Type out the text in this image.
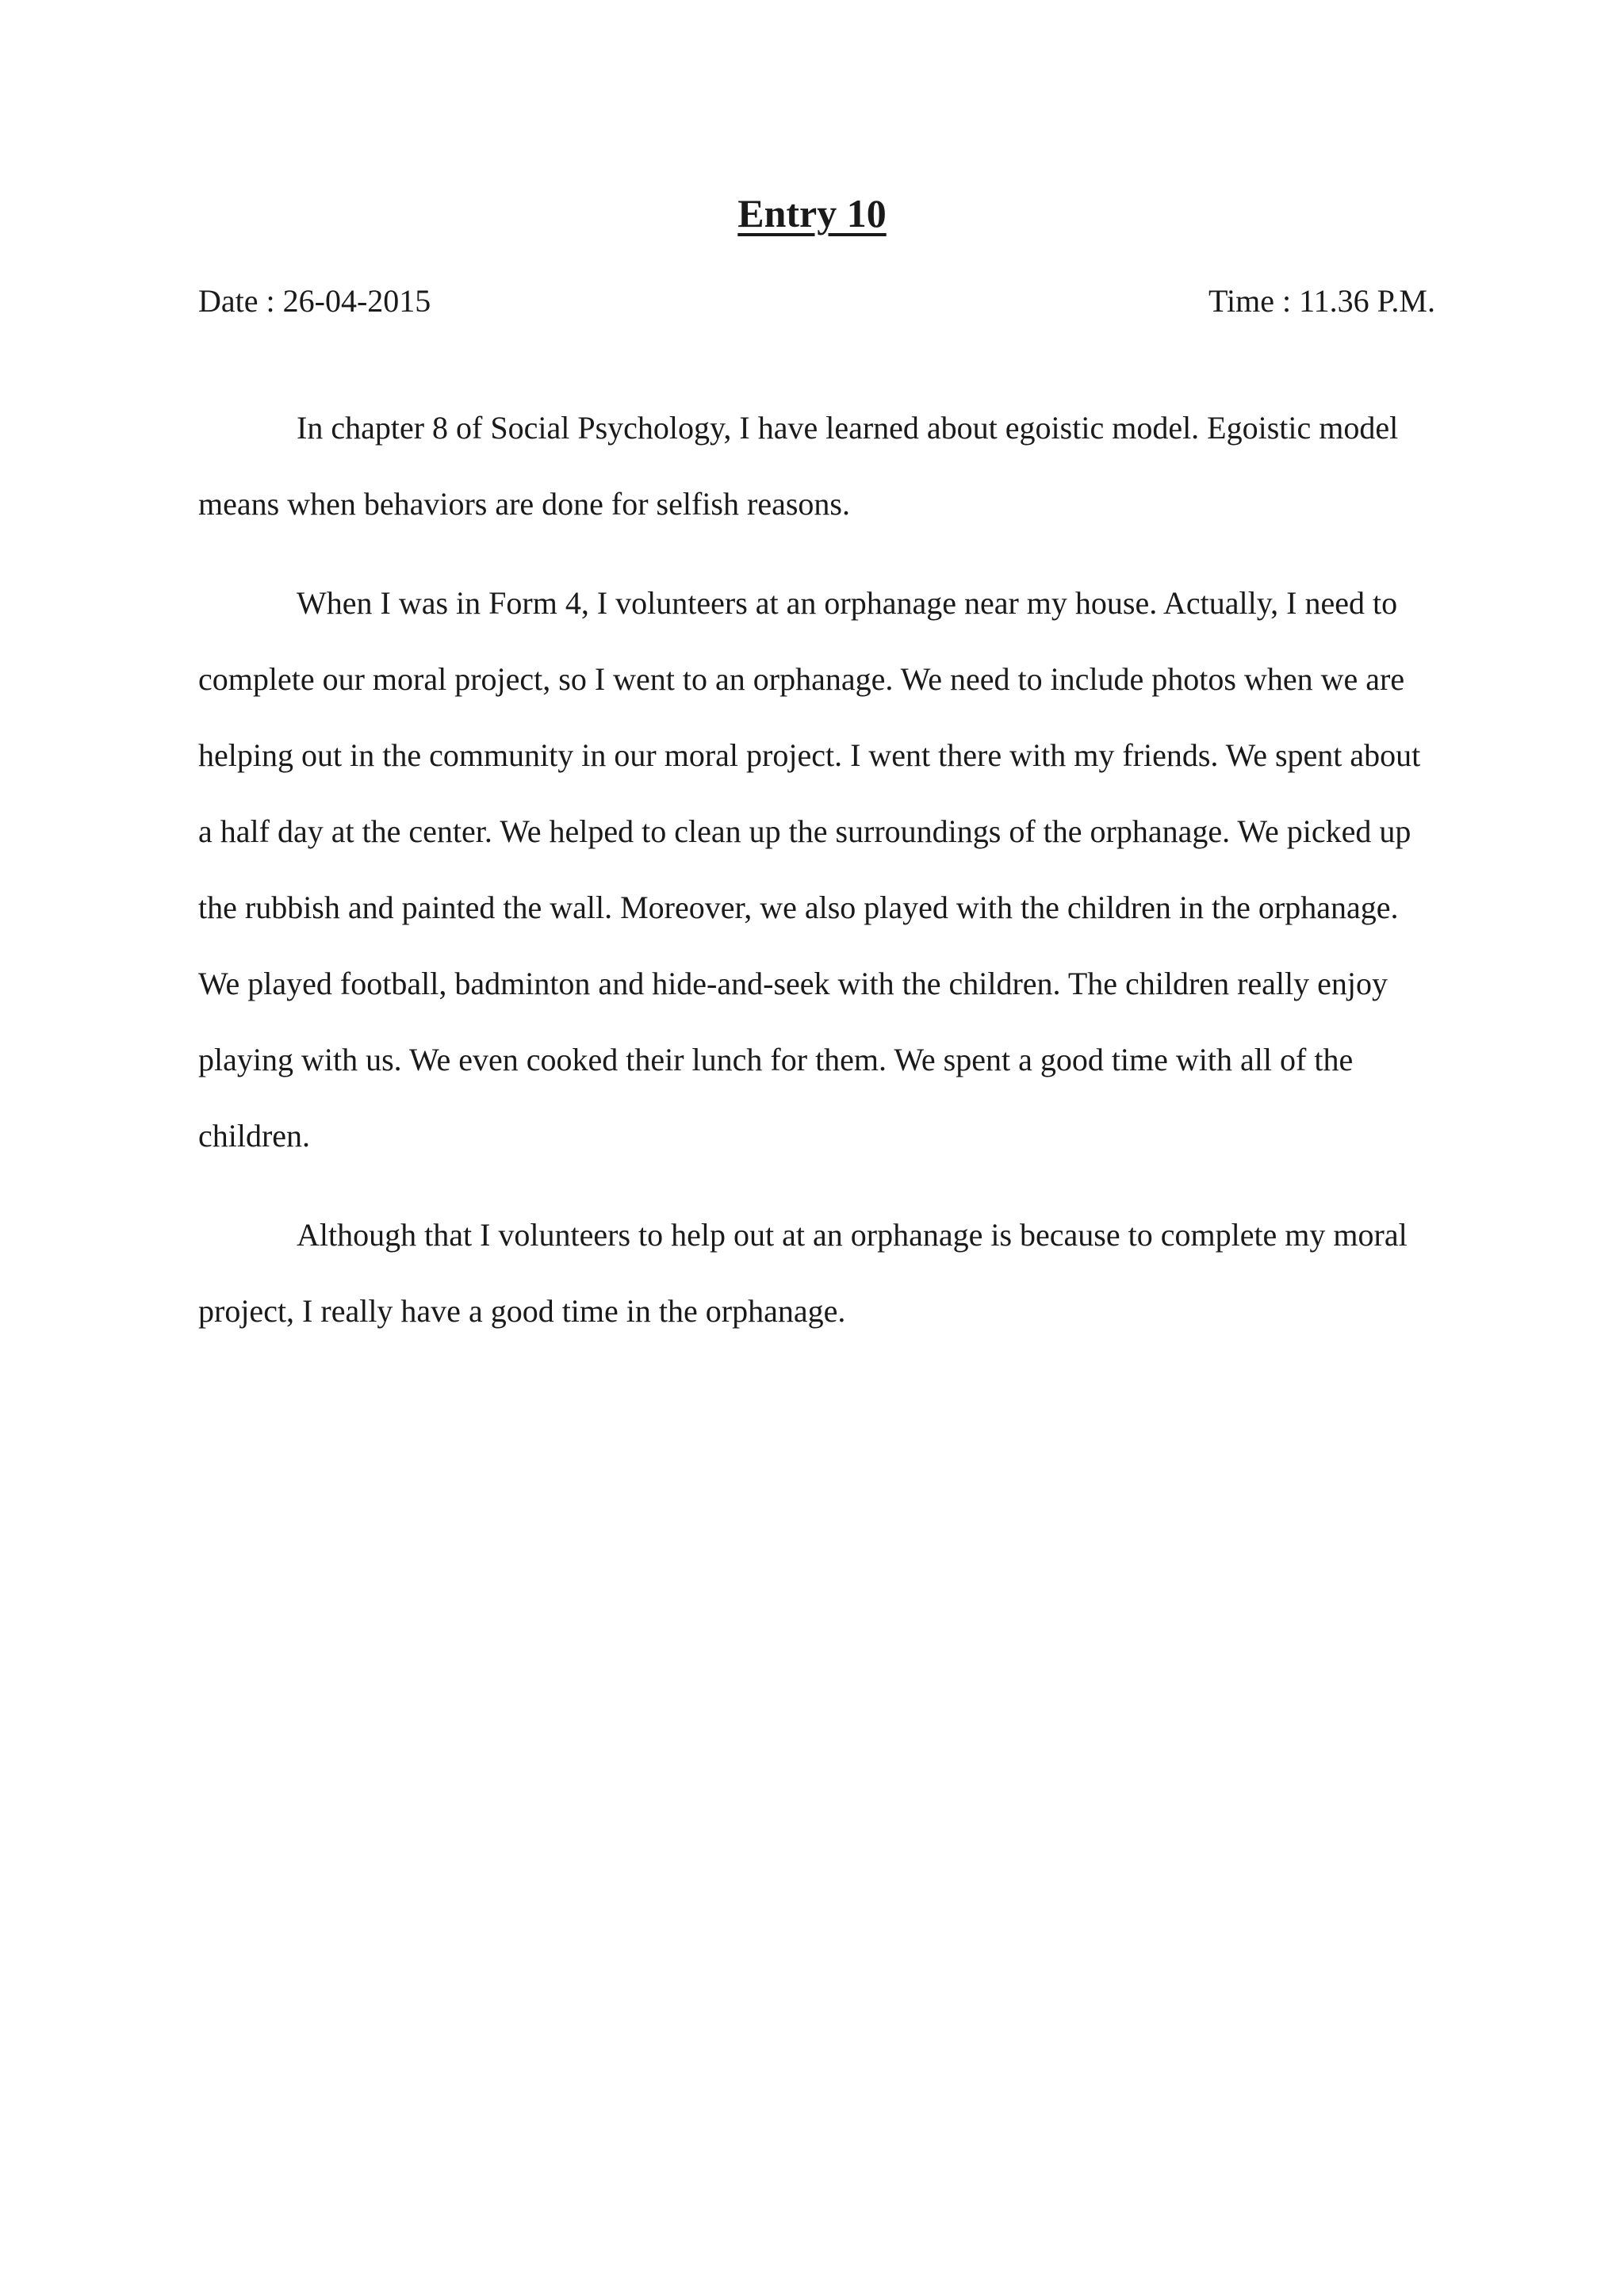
Entry 10
Date : 26-04-2015	Time : 11.36 P.M.

In chapter 8 of Social Psychology, I have learned about egoistic model. Egoistic model means when behaviors are done for selfish reasons.

When I was in Form 4, I volunteers at an orphanage near my house. Actually, I need to complete our moral project, so I went to an orphanage. We need to include photos when we are helping out in the community in our moral project. I went there with my friends. We spent about a half day at the center. We helped to clean up the surroundings of the orphanage. We picked up the rubbish and painted the wall. Moreover, we also played with the children in the orphanage. We played football, badminton and hide-and-seek with the children. The children really enjoy playing with us. We even cooked their lunch for them. We spent a good time with all of the children.

Although that I volunteers to help out at an orphanage is because to complete my moral project, I really have a good time in the orphanage.
